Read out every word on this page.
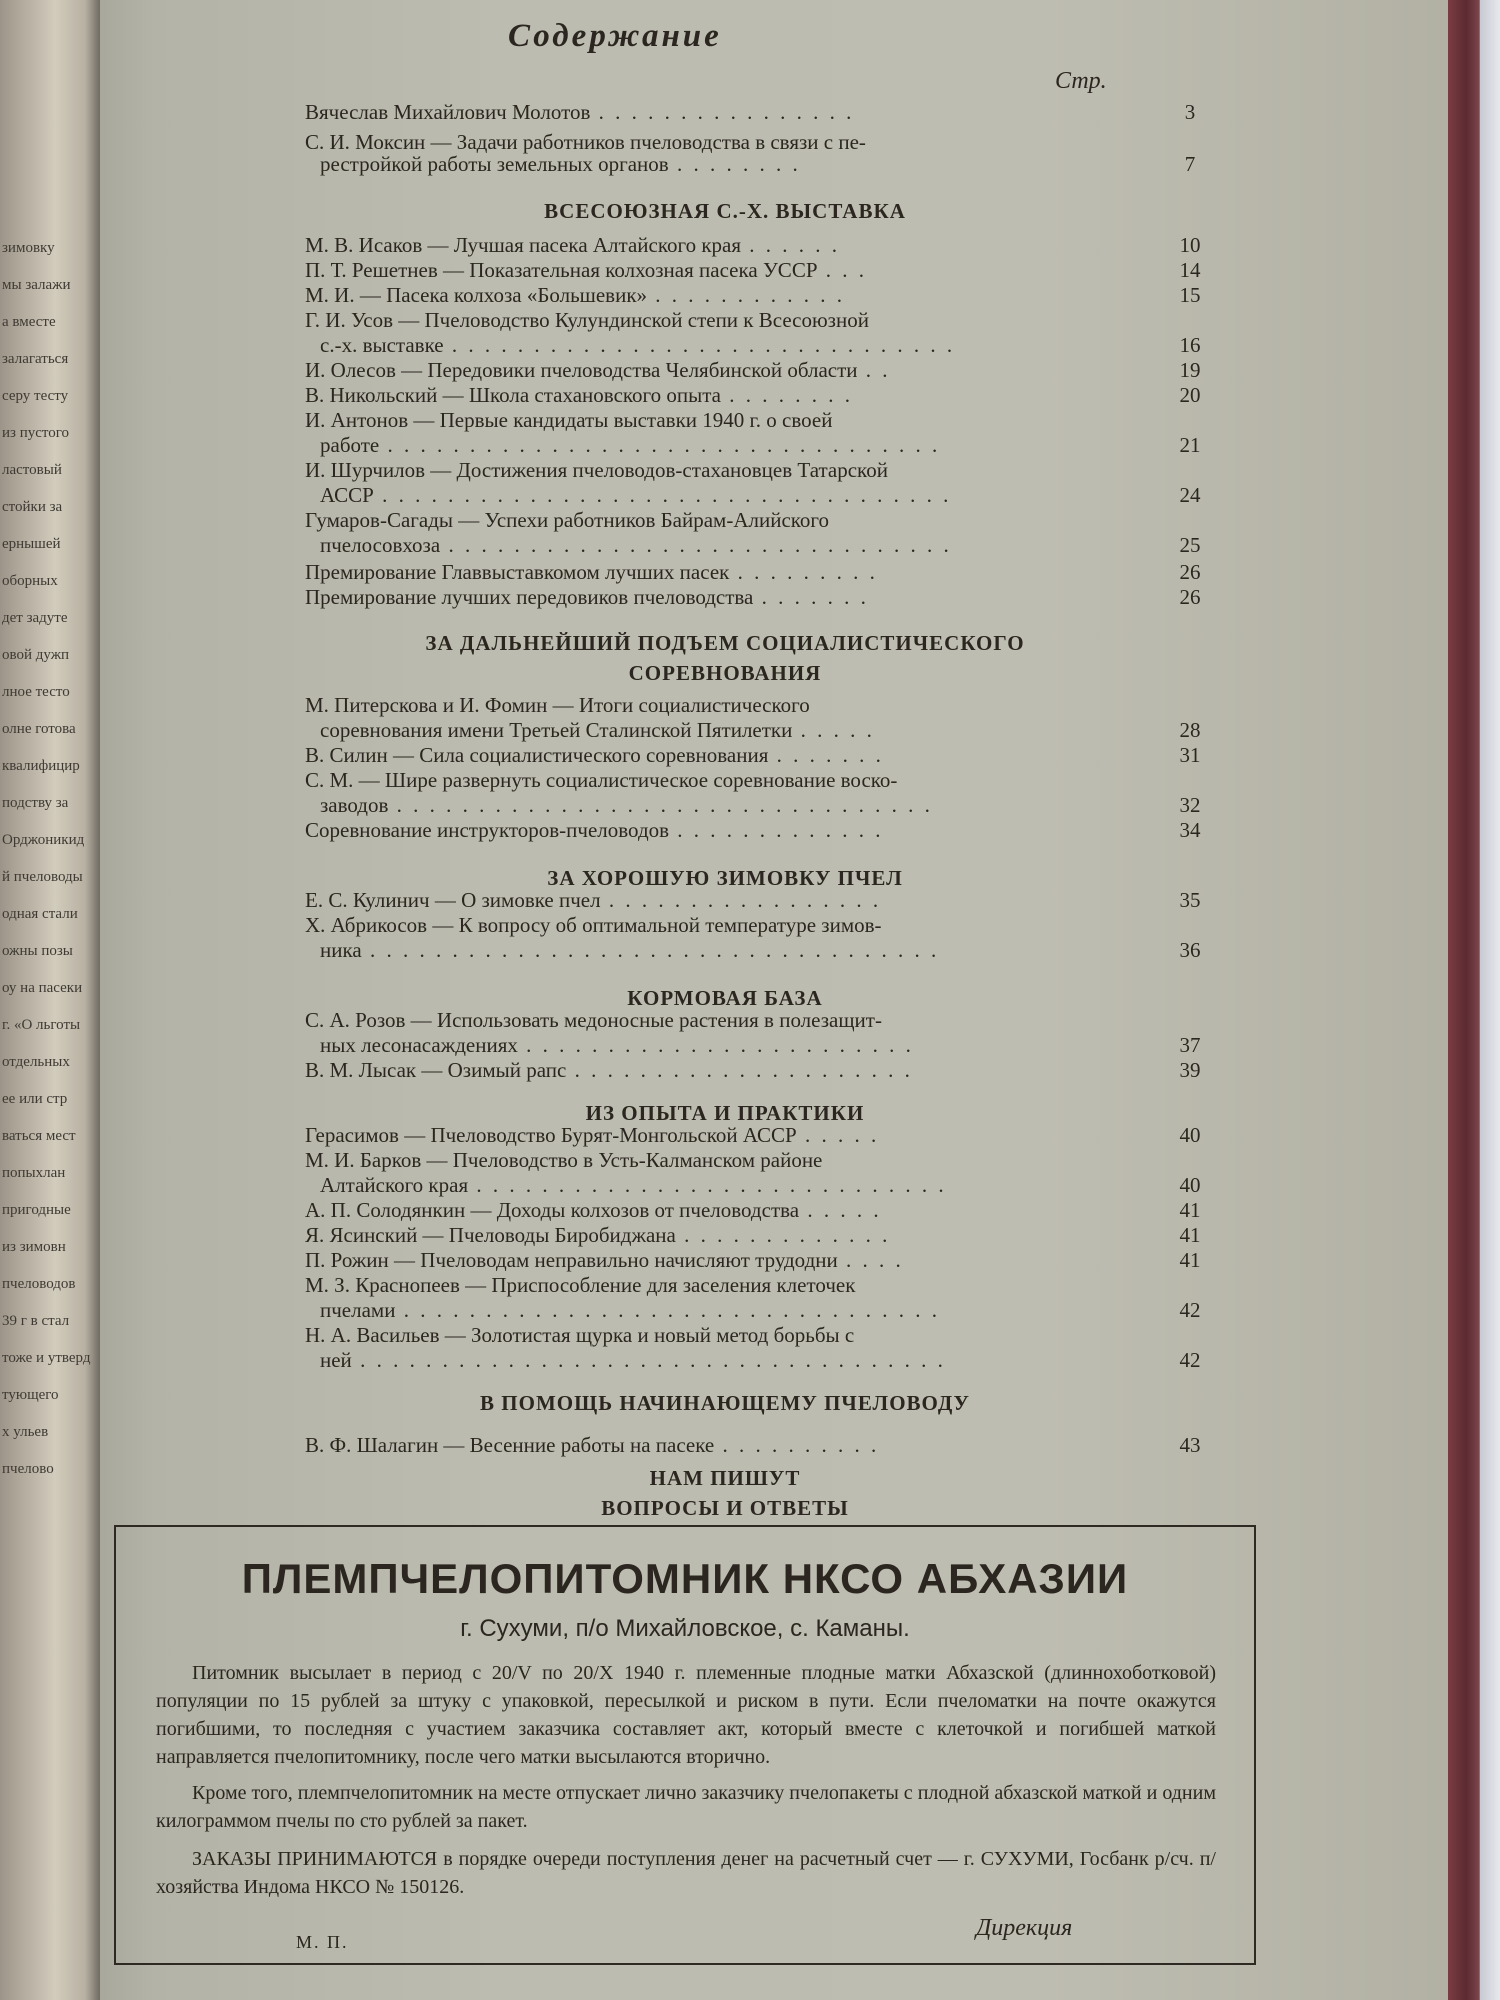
зимовку
мы залажи
а вместе
залагаться
серу тесту
из пустого
ластовый
стойки за
ернышей
оборных
дет задуте
овой дужп
лное тесто
олне готова
квалифицир
подству за
Орджоникид
й пчеловоды
одная стали
ожны позы
оу на пасеки
г. «О льготы
отдельных
ее или стр
ваться мест
попыхлан
пригодные
из зимовн
пчеловодов
39 г в стал
тоже и утверд
тующего
х ульев
пчелово
Содержание
Стр.
Вячеслав Михайлович Молотов . . . . . . . . . . . . . . . .	3
С. И. Моксин — Задачи работников пчеловодства в связи с пе-
рестройкой работы земельных органов . . . . . . . .	7
М. В. Исаков — Лучшая пасека Алтайского края . . . . . .	10
П. Т. Решетнев — Показательная колхозная пасека УССР . . .	14
М. И. — Пасека колхоза «Большевик» . . . . . . . . . . . .	15
Г. И. Усов — Пчеловодство Кулундинской степи к Всесоюзной
с.-х. выставке . . . . . . . . . . . . . . . . . . . . . . . . . . . . . . .	16
И. Олесов — Передовики пчеловодства Челябинской области . .	19
В. Никольский — Школа стахановского опыта . . . . . . . .	20
И. Антонов — Первые кандидаты выставки 1940 г. о своей
работе . . . . . . . . . . . . . . . . . . . . . . . . . . . . . . . . . .	21
И. Шурчилов — Достижения пчеловодов-стахановцев Татарской
АССР . . . . . . . . . . . . . . . . . . . . . . . . . . . . . . . . . . .	24
Гумаров-Сагады — Успехи работников Байрам-Алийского
пчелосовхоза . . . . . . . . . . . . . . . . . . . . . . . . . . . . . . .	25
Премирование Главвыставкомом лучших пасек . . . . . . . . .	26
Премирование лучших передовиков пчеловодства . . . . . . .	26
М. Питерскова и И. Фомин — Итоги социалистического
соревнования имени Третьей Сталинской Пятилетки . . . . .	28
В. Силин — Сила социалистического соревнования . . . . . . .	31
С. М. — Шире развернуть социалистическое соревнование воско-
заводов . . . . . . . . . . . . . . . . . . . . . . . . . . . . . . . . .	32
Соревнование инструкторов-пчеловодов . . . . . . . . . . . . .	34
Е. С. Кулинич — О зимовке пчел . . . . . . . . . . . . . . . . .	35
Х. Абрикосов — К вопросу об оптимальной температуре зимов-
ника . . . . . . . . . . . . . . . . . . . . . . . . . . . . . . . . . . .	36
С. А. Розов — Использовать медоносные растения в полезащит-
ных лесонасаждениях . . . . . . . . . . . . . . . . . . . . . . . .	37
В. М. Лысак — Озимый рапс . . . . . . . . . . . . . . . . . . . . .	39
Герасимов — Пчеловодство Бурят-Монгольской АССР . . . . .	40
М. И. Барков — Пчеловодство в Усть-Калманском районе
Алтайского края . . . . . . . . . . . . . . . . . . . . . . . . . . . . .	40
А. П. Солодянкин — Доходы колхозов от пчеловодства . . . . .	41
Я. Ясинский — Пчеловоды Биробиджана . . . . . . . . . . . . .	41
П. Рожин — Пчеловодам неправильно начисляют трудодни . . . .	41
М. З. Краснопеев — Приспособление для заселения клеточек
пчелами . . . . . . . . . . . . . . . . . . . . . . . . . . . . . . . . .	42
Н. А. Васильев — Золотистая щурка и новый метод борьбы с
ней . . . . . . . . . . . . . . . . . . . . . . . . . . . . . . . . . . . .	42
В. Ф. Шалагин — Весенние работы на пасеке . . . . . . . . . .	43
ВСЕСОЮЗНАЯ С.-Х. ВЫСТАВКА
ЗА ДАЛЬНЕЙШИЙ ПОДЪЕМ СОЦИАЛИСТИЧЕСКОГО
СОРЕВНОВАНИЯ
ЗА ХОРОШУЮ ЗИМОВКУ ПЧЕЛ
КОРМОВАЯ БАЗА
ИЗ ОПЫТА И ПРАКТИКИ
В ПОМОЩЬ НАЧИНАЮЩЕМУ ПЧЕЛОВОДУ
НАМ ПИШУТ
ВОПРОСЫ И ОТВЕТЫ
ПЛЕМПЧЕЛОПИТОМНИК НКСО АБХАЗИИ
г. Сухуми, п/о Михайловское, с. Каманы.
Питомник высылает в период с 20/V по 20/X 1940 г. племенные плодные матки Абхазской (длиннохоботковой) популяции по 15 рублей за штуку с упаковкой, пересылкой и риском в пути. Если пчеломатки на почте окажутся погибшими, то последняя с участием заказчика составляет акт, который вместе с клеточкой и погибшей маткой направляется пчелопитомнику, после чего матки высылаются вторично.
Кроме того, племпчелопитомник на месте отпускает лично заказчику пчелопакеты с плодной абхазской маткой и одним килограммом пчелы по сто рублей за пакет.
ЗАКАЗЫ ПРИНИМАЮТСЯ в порядке очереди поступления денег на расчетный счет — г. СУХУМИ, Госбанк р/сч. п/хозяйства Индома НКСО № 150126.
М. П.
Дирекция
